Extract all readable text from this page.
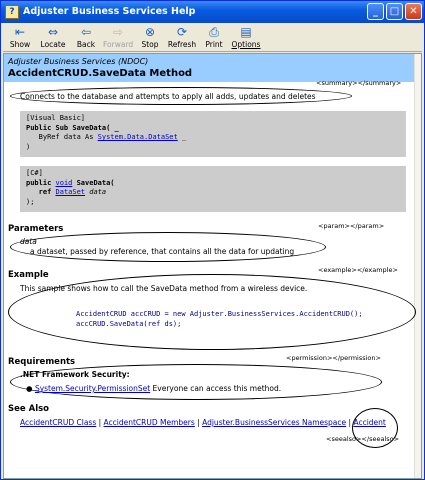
? Adjuster Business Services Help	_	□	✕
⇤
Show
⇔
Locate
⇦
Back
⇨
Forward
⊗
Stop
⟳
Refresh
⎙
Print
▤
Options
Adjuster Business Services (NDOC)
AccidentCRUD.SaveData Method
<summary></summary>
Connects to the database and attempts to apply all adds, updates and deletes
[Visual Basic]
Public Sub SaveData( _
ByRef data As System.Data.DataSet _
)
[C#]
public void SaveData(
ref DataSet data
);
Parameters	<param></param>
data
a dataset, passed by reference, that contains all the data for updating
Example	<example></example>
This sample shows how to call the SaveData method from a wireless device.
AccidentCRUD accCRUD = new Adjuster.BusinessServices.AccidentCRUD();
accCRUD.SaveData(ref ds);
Requirements	<permission></permission>
.NET Framework Security:
● System.Security.PermissionSet Everyone can access this method.
See Also
AccidentCRUD Class | AccidentCRUD Members | Adjuster.BusinessServices Namespace | Accident
<seealso></seealso>
